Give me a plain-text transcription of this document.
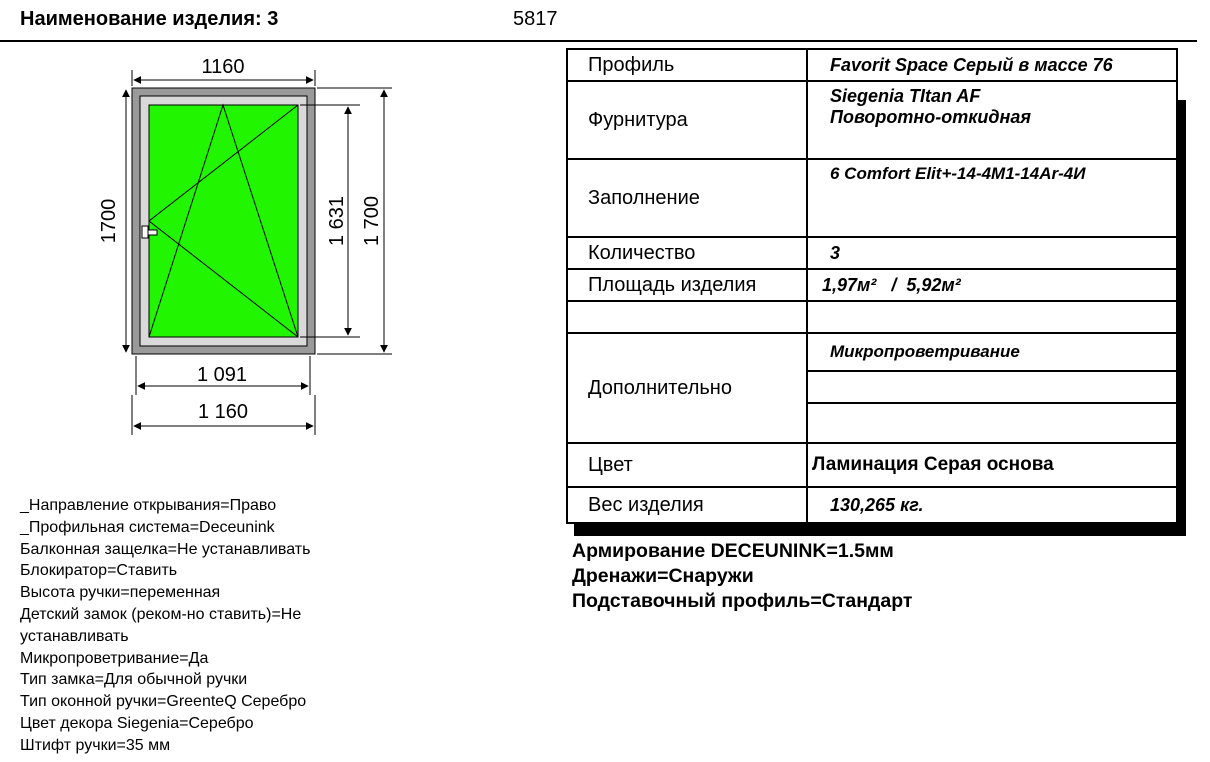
Наименование изделия: 3	5817
1160
1700	1 631 1 700
1 091
1 160
Профиль	Favorit Space Серый в массе 76
Фурнитура	Siegenia TItan AF
Поворотно-откидная

Заполнение	6 Comfort Elit+-14-4M1-14Ar-4И
Количество	3
Площадь изделия	1,97м²   /  5,92м²

Дополнительно	Микропроветривание

Цвет	Ламинация Серая основа
Вес изделия	130,265 кг.
_Направление открывания=Право
_Профильная система=Deceunink
Балконная защелка=Не устанавливать
Блокиратор=Ставить
Высота ручки=переменная
Детский замок (реком-но ставить)=Не устанавливать
Микропроветривание=Да
Тип замка=Для обычной ручки
Тип оконной ручки=GreenteQ Серебро
Цвет декора Siegenia=Серебро
Штифт ручки=35 мм
Армирование DECEUNINK=1.5мм
Дренажи=Снаружи
Подставочный профиль=Стандарт
